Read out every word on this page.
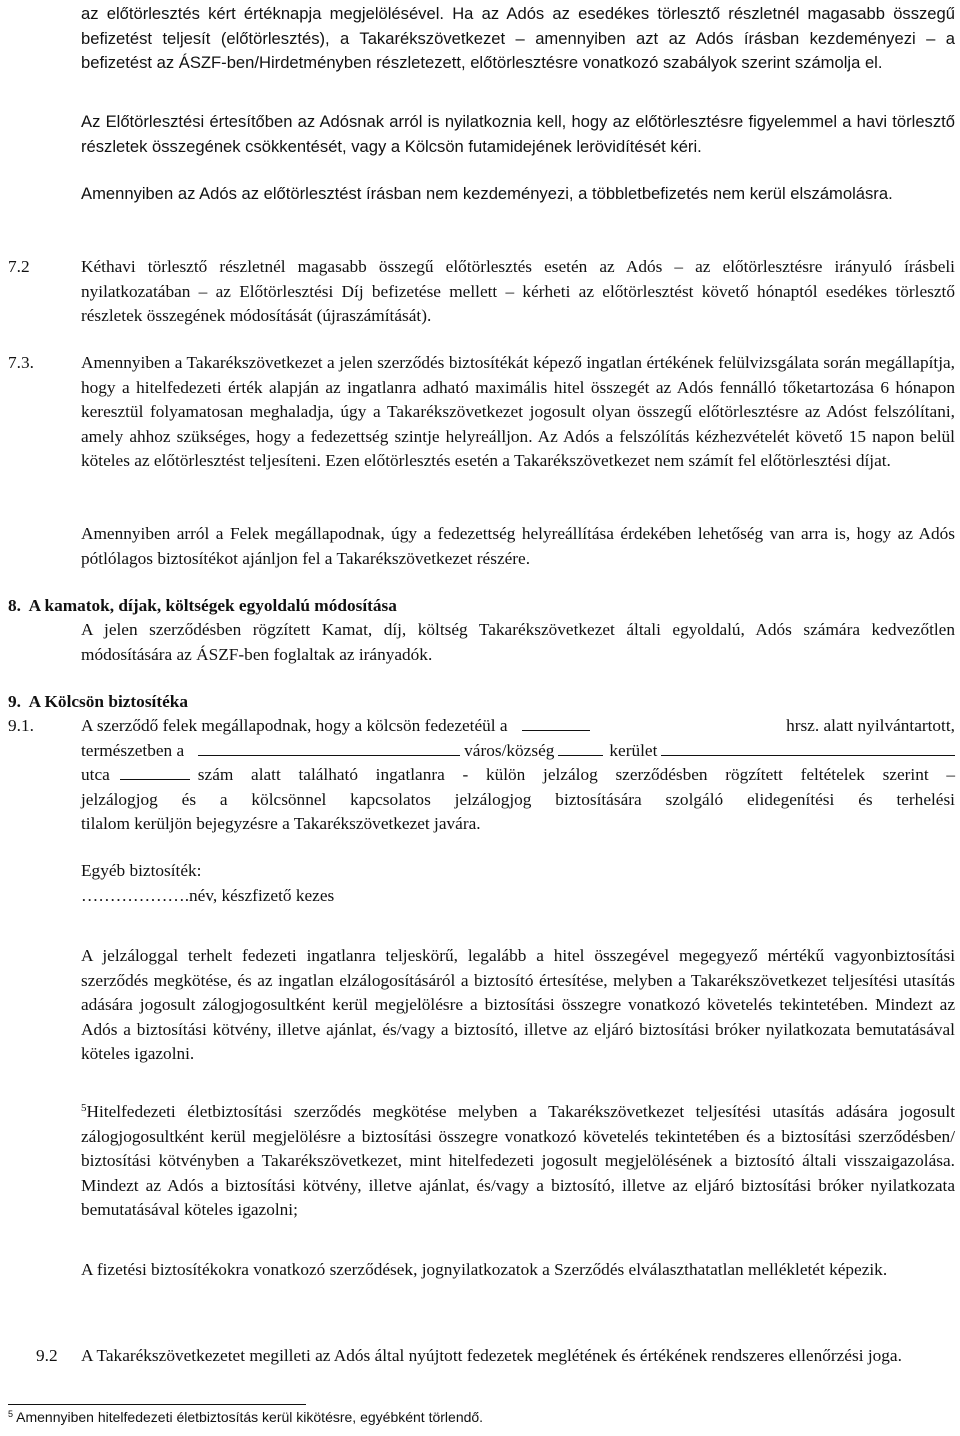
az előtörlesztés kért értéknapja megjelölésével. Ha az Adós az esedékes törlesztő részletnél magasabb összegű befizetést teljesít (előtörlesztés), a Takarékszövetkezet – amennyiben azt az Adós írásban kezdeményezi – a befizetést az ÁSZF-ben/Hirdetményben részletezett, előtörlesztésre vonatkozó szabályok szerint számolja el.

Az Előtörlesztési értesítőben az Adósnak arról is nyilatkoznia kell, hogy az előtörlesztésre figyelemmel a havi törlesztő részletek összegének csökkentését, vagy a Kölcsön futamidejének lerövidítését kéri.

Amennyiben az Adós az előtörlesztést írásban nem kezdeményezi, a többletbefizetés nem kerül elszámolásra.

7.2	Kéthavi törlesztő részletnél magasabb összegű előtörlesztés esetén az Adós – az előtörlesztésre irányuló írásbeli nyilatkozatában – az Előtörlesztési Díj befizetése mellett – kérheti az előtörlesztést követő hónaptól esedékes törlesztő részletek összegének módosítását (újraszámítását).

7.3.	Amennyiben a Takarékszövetkezet a jelen szerződés biztosítékát képező ingatlan értékének felülvizsgálata során megállapítja, hogy a hitelfedezeti érték alapján az ingatlanra adható maximális hitel összegét az Adós fennálló tőketartozása 6 hónapon keresztül folyamatosan meghaladja, úgy a Takarékszövetkezet jogosult olyan összegű előtörlesztésre az Adóst felszólítani, amely ahhoz szükséges, hogy a fedezettség szintje helyreálljon. Az Adós a felszólítás kézhezvételét követő 15 napon belül köteles az előtörlesztést teljesíteni. Ezen előtörlesztés esetén a Takarékszövetkezet nem számít fel előtörlesztési díjat.

Amennyiben arról a Felek megállapodnak, úgy a fedezettség helyreállítása érdekében lehetőség van arra is, hogy az Adós pótlólagos biztosítékot ajánljon fel a Takarékszövetkezet részére.

8.  A kamatok, díjak, költségek egyoldalú módosítása

A jelen szerződésben rögzített Kamat, díj, költség Takarékszövetkezet általi egyoldalú, Adós számára kedvezőtlen módosítására az ÁSZF-ben foglaltak az irányadók.

9.  A Kölcsön biztosítéka
9.1.	A szerződő felek megállapodnak, hogy a kölcsön fedezetéül a	hrsz. alatt nyilvántartott,
természetben a	város/község	kerület
utca	szám alatt található ingatlanra - külön jelzálog szerződésben rögzített feltételek szerint –
jelzálogjog és a kölcsönnel kapcsolatos jelzálogjog biztosítására szolgáló elidegenítési és terhelési
tilalom kerüljön bejegyzésre a Takarékszövetkezet javára.

Egyéb biztosíték:

……………….név, készfizető kezes

A jelzáloggal terhelt fedezeti ingatlanra teljeskörű, legalább a hitel összegével megegyező mértékű vagyonbiztosítási szerződés megkötése, és az ingatlan elzálogosításáról a biztosító értesítése, melyben a Takarékszövetkezet teljesítési utasítás adására jogosult zálogjogosultként kerül megjelölésre a biztosítási összegre vonatkozó követelés tekintetében. Mindezt az Adós a biztosítási kötvény, illetve ajánlat, és/vagy a biztosító, illetve az eljáró biztosítási bróker nyilatkozata bemutatásával köteles igazolni.

$^5$Hitelfedezeti életbiztosítási szerződés megkötése melyben a Takarékszövetkezet teljesítési utasítás adására jogosult zálogjogosultként kerül megjelölésre a biztosítási összegre vonatkozó követelés tekintetében és a biztosítási szerződésben/ biztosítási kötvényben a Takarékszövetkezet, mint hitelfedezeti jogosult megjelölésének a biztosító általi visszaigazolása. Mindezt az Adós a biztosítási kötvény, illetve ajánlat, és/vagy a biztosító, illetve az eljáró biztosítási bróker nyilatkozata bemutatásával köteles igazolni;

A fizetési biztosítékokra vonatkozó szerződések, jognyilatkozatok a Szerződés elválaszthatatlan mellékletét képezik.

9.2 A Takarékszövetkezetet megilleti az Adós által nyújtott fedezetek meglétének és értékének rendszeres ellenőrzési joga.

$^5$ Amennyiben hitelfedezeti életbiztosítás kerül kikötésre, egyébként törlendő.
